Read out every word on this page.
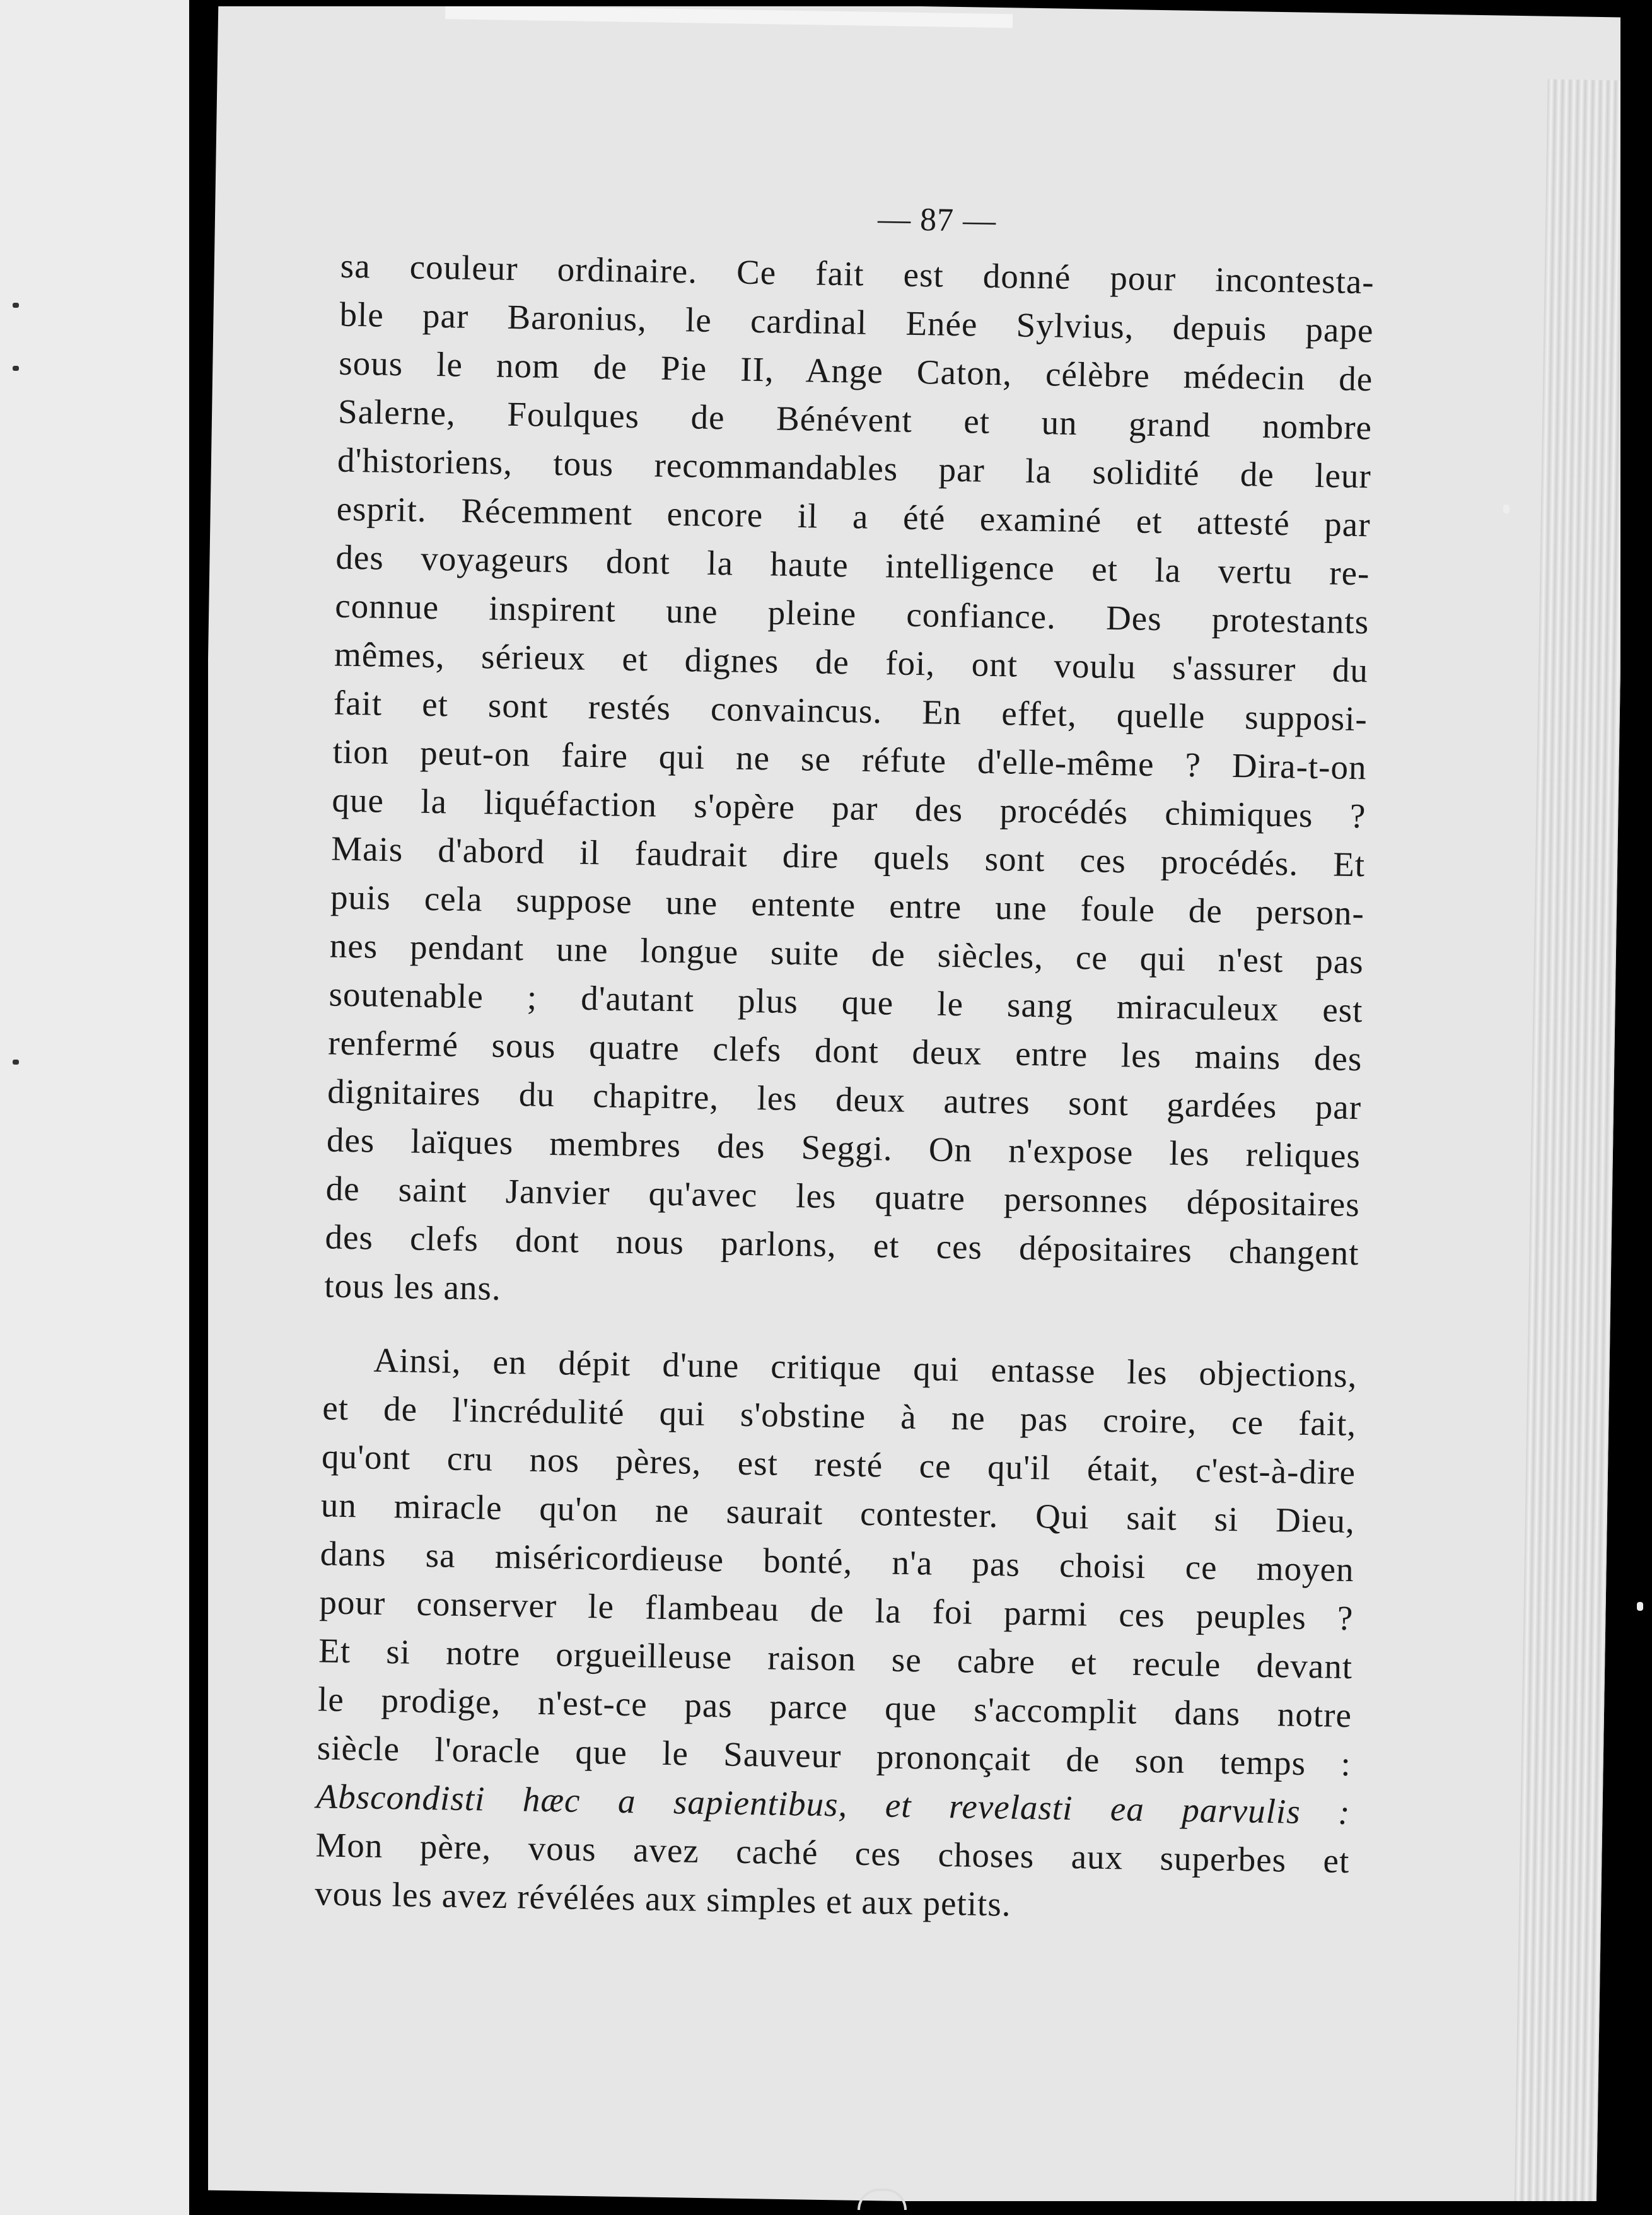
— 87 —
sa couleur ordinaire. Ce fait est donné pour incontesta-
ble par Baronius, le cardinal Enée Sylvius, depuis pape
sous le nom de Pie II, Ange Caton, célèbre médecin de
Salerne, Foulques de Bénévent et un grand nombre
d'historiens, tous recommandables par la solidité de leur
esprit. Récemment encore il a été examiné et attesté par
des voyageurs dont la haute intelligence et la vertu re-
connue inspirent une pleine confiance. Des protestants
mêmes, sérieux et dignes de foi, ont voulu s'assurer du
fait et sont restés convaincus. En effet, quelle supposi-
tion peut-on faire qui ne se réfute d'elle-même ? Dira-t-on
que la liquéfaction s'opère par des procédés chimiques ?
Mais d'abord il faudrait dire quels sont ces procédés. Et
puis cela suppose une entente entre une foule de person-
nes pendant une longue suite de siècles, ce qui n'est pas
soutenable ; d'autant plus que le sang miraculeux est
renfermé sous quatre clefs dont deux entre les mains des
dignitaires du chapitre, les deux autres sont gardées par
des laïques membres des Seggi. On n'expose les reliques
de saint Janvier qu'avec les quatre personnes dépositaires
des clefs dont nous parlons, et ces dépositaires changent
tous les ans.
Ainsi, en dépit d'une critique qui entasse les objections,
et de l'incrédulité qui s'obstine à ne pas croire, ce fait,
qu'ont cru nos pères, est resté ce qu'il était, c'est-à-dire
un miracle qu'on ne saurait contester. Qui sait si Dieu,
dans sa miséricordieuse bonté, n'a pas choisi ce moyen
pour conserver le flambeau de la foi parmi ces peuples ?
Et si notre orgueilleuse raison se cabre et recule devant
le prodige, n'est-ce pas parce que s'accomplit dans notre
siècle l'oracle que le Sauveur prononçait de son temps :
Abscondisti hæc a sapientibus, et revelasti ea parvulis :
Mon père, vous avez caché ces choses aux superbes et
vous les avez révélées aux simples et aux petits.
